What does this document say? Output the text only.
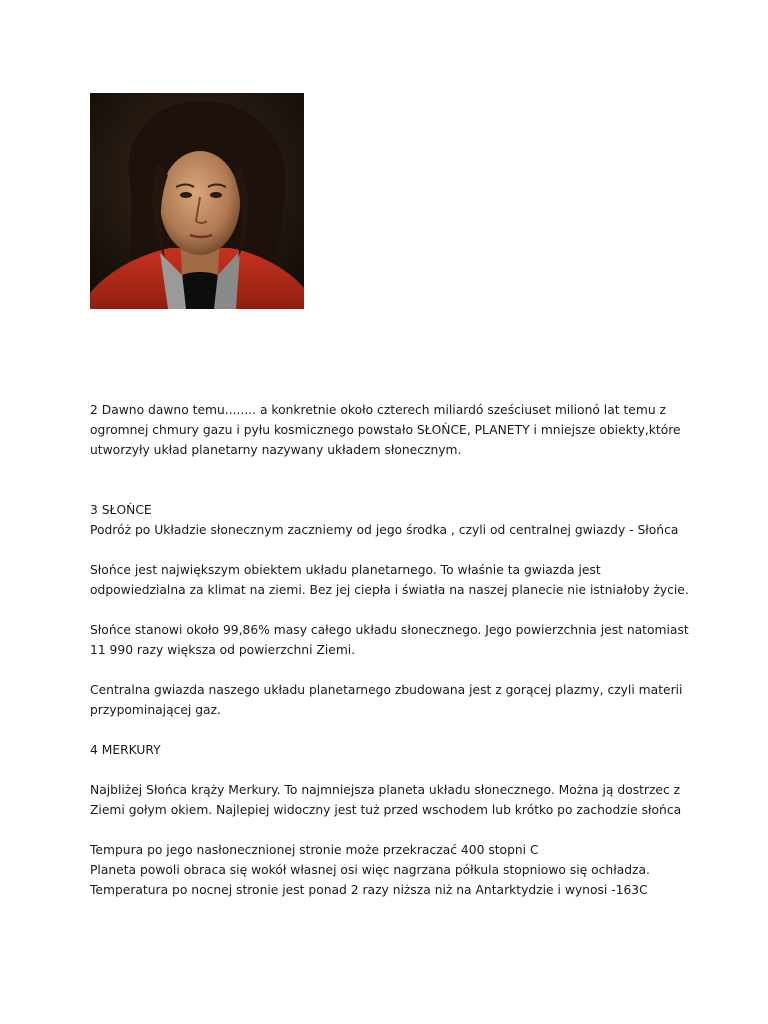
2 Dawno dawno temu........ a konkretnie około czterech miliardó sześciuset milionó lat temu z ogromnej chmury gazu i pyłu kosmicznego powstało SŁOŃCE, PLANETY i mniejsze obiekty,które utworzyły układ planetarny nazywany układem słonecznym.

3 SŁOŃCE

Podróż po Układzie słonecznym zaczniemy od jego środka , czyli od centralnej gwiazdy - Słońca

Słońce jest największym obiektem układu planetarnego. To właśnie ta gwiazda jest odpowiedzialna za klimat na ziemi. Bez jej ciepła i światła na naszej planecie nie istniałoby życie.

Słońce stanowi około 99,86% masy całego układu słonecznego. Jego powierzchnia jest natomiast 11 990 razy większa od powierzchni Ziemi.

Centralna gwiazda naszego układu planetarnego zbudowana jest z gorącej plazmy, czyli materii przypominającej gaz.

4 MERKURY

Najbliżej Słońca krąży Merkury. To najmniejsza planeta układu słonecznego. Można ją dostrzec z Ziemi gołym okiem. Najlepiej widoczny jest tuż przed wschodem lub krótko po zachodzie słońca

Tempura po jego nasłonecznionej stronie może przekraczać 400 stopni C

Planeta powoli obraca się wokół własnej osi więc nagrzana półkula stopniowo się ochładza. Temperatura po nocnej stronie jest ponad 2 razy niższa niż na Antarktydzie i wynosi -163C
